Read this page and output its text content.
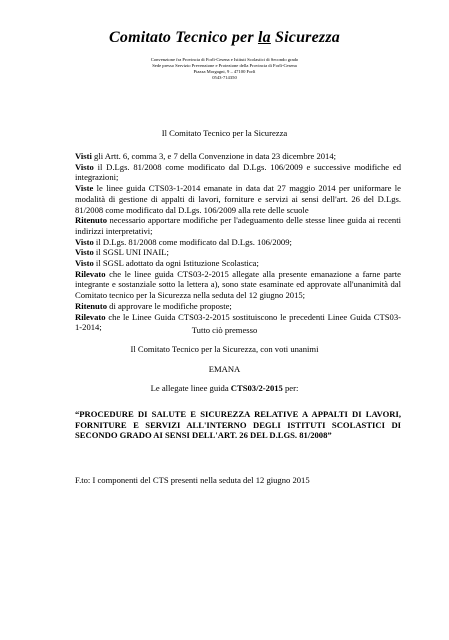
Comitato Tecnico per la Sicurezza
Convenzione fra Provincia di Forlì-Cesena e Istituti Scolastici di Secondo grado
Sede presso Servizio Prevenzione e Protezione della Provincia di Forlì-Cesena
Piazza Morgagni, 9 – 47100 Forlì
0543-714350
Il Comitato Tecnico per la Sicurezza

Visti gli Artt. 6, comma 3, e 7 della Convenzione in data 23 dicembre 2014;

Visto il D.Lgs. 81/2008 come modificato dal D.Lgs. 106/2009 e successive modifiche ed integrazioni;

Viste le linee guida CTS03-1-2014 emanate in data dat 27 maggio 2014 per uniformare le modalità di gestione di appalti di lavori, forniture e servizi ai sensi dell'art. 26 del D.Lgs. 81/2008 come modificato dal D.Lgs. 106/2009 alla rete delle scuole

Ritenuto necessario apportare modifiche per l'adeguamento delle stesse linee guida ai recenti indirizzi interpretativi;

Visto il D.Lgs. 81/2008 come modificato dal D.Lgs. 106/2009;

Visto il SGSL UNI INAIL;

Visto il SGSL adottato da ogni Istituzione Scolastica;

Rilevato che le linee guida CTS03-2-2015 allegate alla presente emanazione a farne parte integrante e sostanziale sotto la lettera a), sono state esaminate ed approvate all'unanimità dal Comitato tecnico per la Sicurezza nella seduta del 12 giugno 2015;

Ritenuto di approvare le modifiche proposte;

Rilevato che le Linee Guida CTS03-2-2015 sostituiscono le precedenti Linee Guida CTS03-1-2014;	Tutto ciò premesso
Il Comitato Tecnico per la Sicurezza, con voti unanimi
EMANA
Le allegate linee guida CTS03/2-2015 per:
“PROCEDURE DI SALUTE E SICUREZZA RELATIVE A APPALTI DI LAVORI, FORNITURE E SERVIZI ALL'INTERNO DEGLI ISTITUTI SCOLASTICI DI SECONDO GRADO AI SENSI DELL'ART. 26 DEL D.LGS. 81/2008”
F.to: I componenti del CTS presenti nella seduta del 12 giugno 2015
